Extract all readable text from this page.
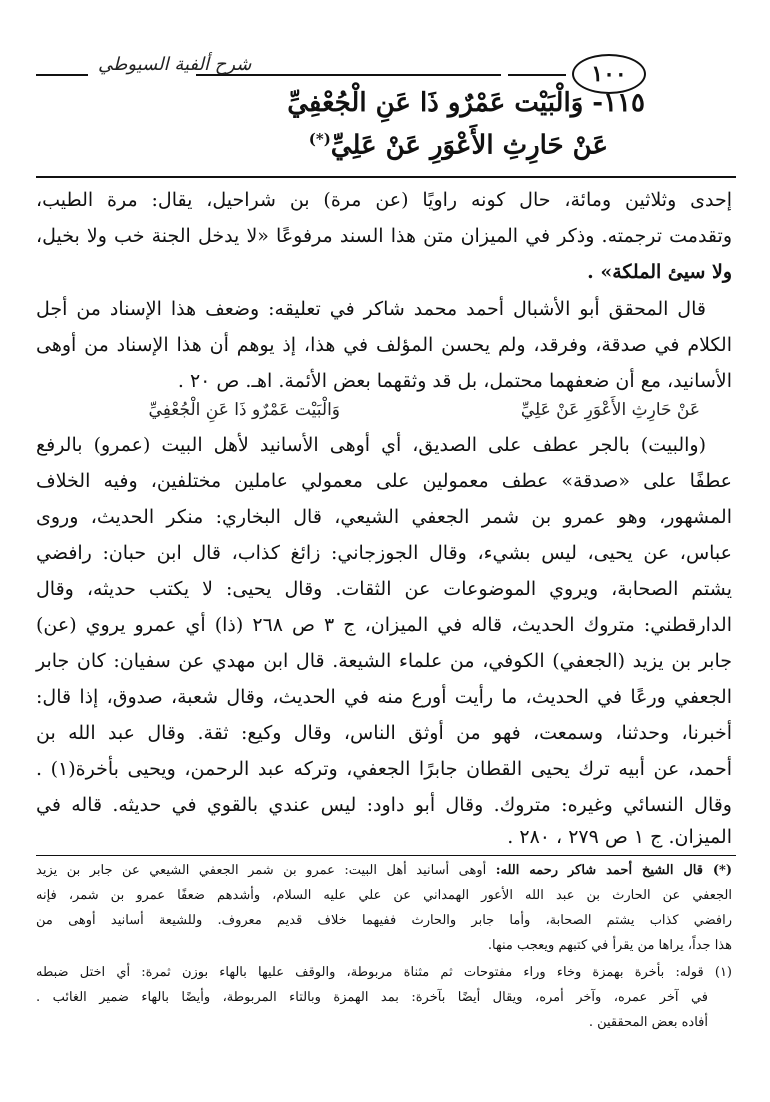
١٠٠
شرح ألفية السيوطي
١١٥- وَالْبَيْت عَمْرٌو ذَا عَنِ الْجُعْفِيِّ
عَنْ حَارِثِ الأَعْوَرِ عَنْ عَلِيِّ(*)
إحدى وثلاثين ومائة، حال كونه راويًا (عن مرة) بن شراحيل، يقال: مرة الطيب،
وتقدمت ترجمته. وذكر في الميزان متن هذا السند مرفوعًا «لا يدخل الجنة خب ولا بخيل،
ولا سيئ الملكة» .
قال المحقق أبو الأشبال أحمد محمد شاكر في تعليقه: وضعف هذا الإسناد من أجل
الكلام في صدقة، وفرقد، ولم يحسن المؤلف في هذا، إذ يوهم أن هذا الإسناد من أوهى
الأسانيد، مع أن ضعفهما محتمل، بل قد وثقهما بعض الأئمة. اهـ. ص ٢٠ .
وَالْبَيْت عَمْرٌو ذَا عَنِ الْجُعْفِيِّ	عَنْ حَارِثِ الأَعْوَرِ عَنْ عَلِيِّ
(والبيت) بالجر عطف على الصديق، أي أوهى الأسانيد لأهل البيت (عمرو) بالرفع
عطفًا على «صدقة» عطف معمولين على معمولي عاملين مختلفين، وفيه الخلاف
المشهور، وهو عمرو بن شمر الجعفي الشيعي، قال البخاري: منكر الحديث، وروى
عباس، عن يحيى، ليس بشيء، وقال الجوزجاني: زائغ كذاب، قال ابن حبان: رافضي
يشتم الصحابة، ويروي الموضوعات عن الثقات. وقال يحيى: لا يكتب حديثه، وقال
الدارقطني: متروك الحديث، قاله في الميزان، ج ٣ ص ٢٦٨ (ذا) أي عمرو يروي (عن)
جابر بن يزيد (الجعفي) الكوفي، من علماء الشيعة. قال ابن مهدي عن سفيان: كان جابر
الجعفي ورعًا في الحديث، ما رأيت أورع منه في الحديث، وقال شعبة، صدوق، إذا قال:
أخبرنا، وحدثنا، وسمعت، فهو من أوثق الناس، وقال وكيع: ثقة. وقال عبد الله بن
أحمد، عن أبيه ترك يحيى القطان جابرًا الجعفي، وتركه عبد الرحمن، ويحيى بأخرة(١) .
وقال النسائي وغيره: متروك. وقال أبو داود: ليس عندي بالقوي في حديثه. قاله في
الميزان. ج ١ ص ٢٧٩ ، ٢٨٠ .
(*) قال الشيخ أحمد شاكر رحمه الله: أوهى أسانيد أهل البيت: عمرو بن شمر الجعفي الشيعي عن جابر بن يزيد
الجعفي عن الحارث بن عبد الله الأعور الهمداني عن علي عليه السلام، وأشدهم ضعفًا عمرو بن شمر، فإنه
رافضي كذاب يشتم الصحابة، وأما جابر والحارث ففيهما خلاف قديم معروف. وللشيعة أسانيد أوهى من
هذا جداً، يراها من يقرأ في كتبهم ويعجب منها.
(١) قوله: بأخرة بهمزة وخاء وراء مفتوحات ثم مثناة مربوطة، والوقف عليها بالهاء بوزن ثمرة: أي اختل ضبطه
في آخر عمره، وآخر أمره، ويقال أيضًا بآخرة: بمد الهمزة وبالتاء المربوطة، وأيضًا بالهاء ضمير الغائب .
أفاده بعض المحققين .
